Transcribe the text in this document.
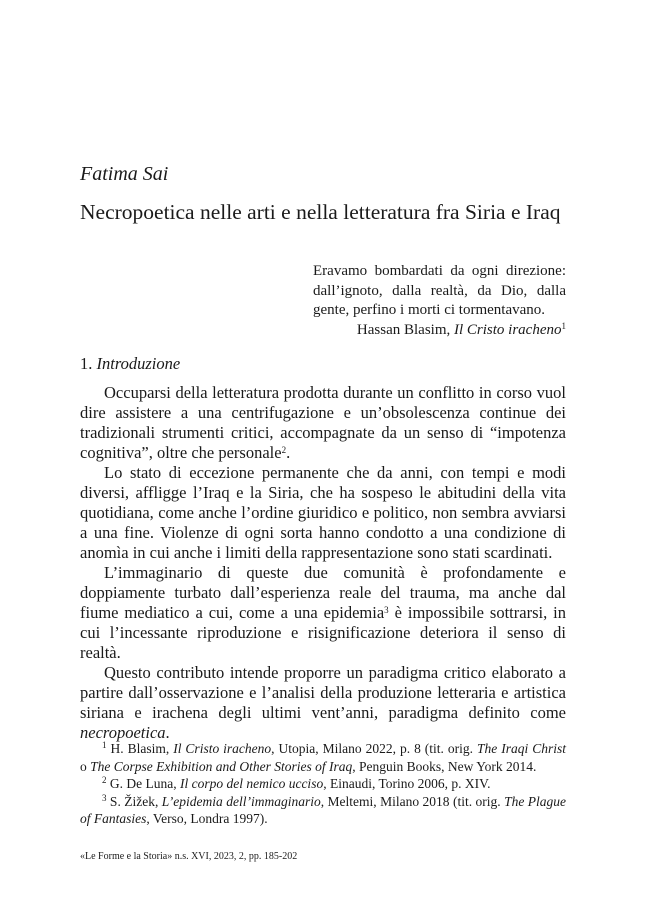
Fatima Sai
Necropoetica nelle arti e nella letteratura fra Siria e Iraq
Eravamo bombardati da ogni direzione: dall’ignoto, dalla realtà, da Dio, dalla gente, perfino i morti ci tormentavano.
Hassan Blasim, Il Cristo iracheno$^1$
1. Introduzione

Occuparsi della letteratura prodotta durante un conflitto in corso vuol dire assistere a una centrifugazione e un’obsolescenza continue dei tradizionali strumenti critici, accompagnate da un senso di “impotenza cognitiva”, oltre che personale$^2$.

Lo stato di eccezione permanente che da anni, con tempi e modi diversi, affligge l’Iraq e la Siria, che ha sospeso le abitudini della vita quotidiana, come anche l’ordine giuridico e politico, non sembra avviarsi a una fine. Violenze di ogni sorta hanno condotto a una condizione di anomìa in cui anche i limiti della rappresentazione sono stati scardinati.

L’immaginario di queste due comunità è profondamente e doppiamente turbato dall’esperienza reale del trauma, ma anche dal fiume mediatico a cui, come a una epidemia$^3$ è impossibile sottrarsi, in cui l’incessante riproduzione e risignificazione deteriora il senso di realtà.

Questo contributo intende proporre un paradigma critico elaborato a partire dall’osservazione e l’analisi della produzione letteraria e artistica siriana e irachena degli ultimi vent’anni, paradigma definito come necropoetica.

$^1$ H. Blasim, Il Cristo iracheno, Utopia, Milano 2022, p. 8 (tit. orig. The Iraqi Christ o The Corpse Exhibition and Other Stories of Iraq, Penguin Books, New York 2014.

$^2$ G. De Luna, Il corpo del nemico ucciso, Einaudi, Torino 2006, p. XIV.

$^3$ S. Žižek, L’epidemia dell’immaginario, Meltemi, Milano 2018 (tit. orig. The Plague of Fantasies, Verso, Londra 1997).

«Le Forme e la Storia» n.s. XVI, 2023, 2, pp. 185-202
